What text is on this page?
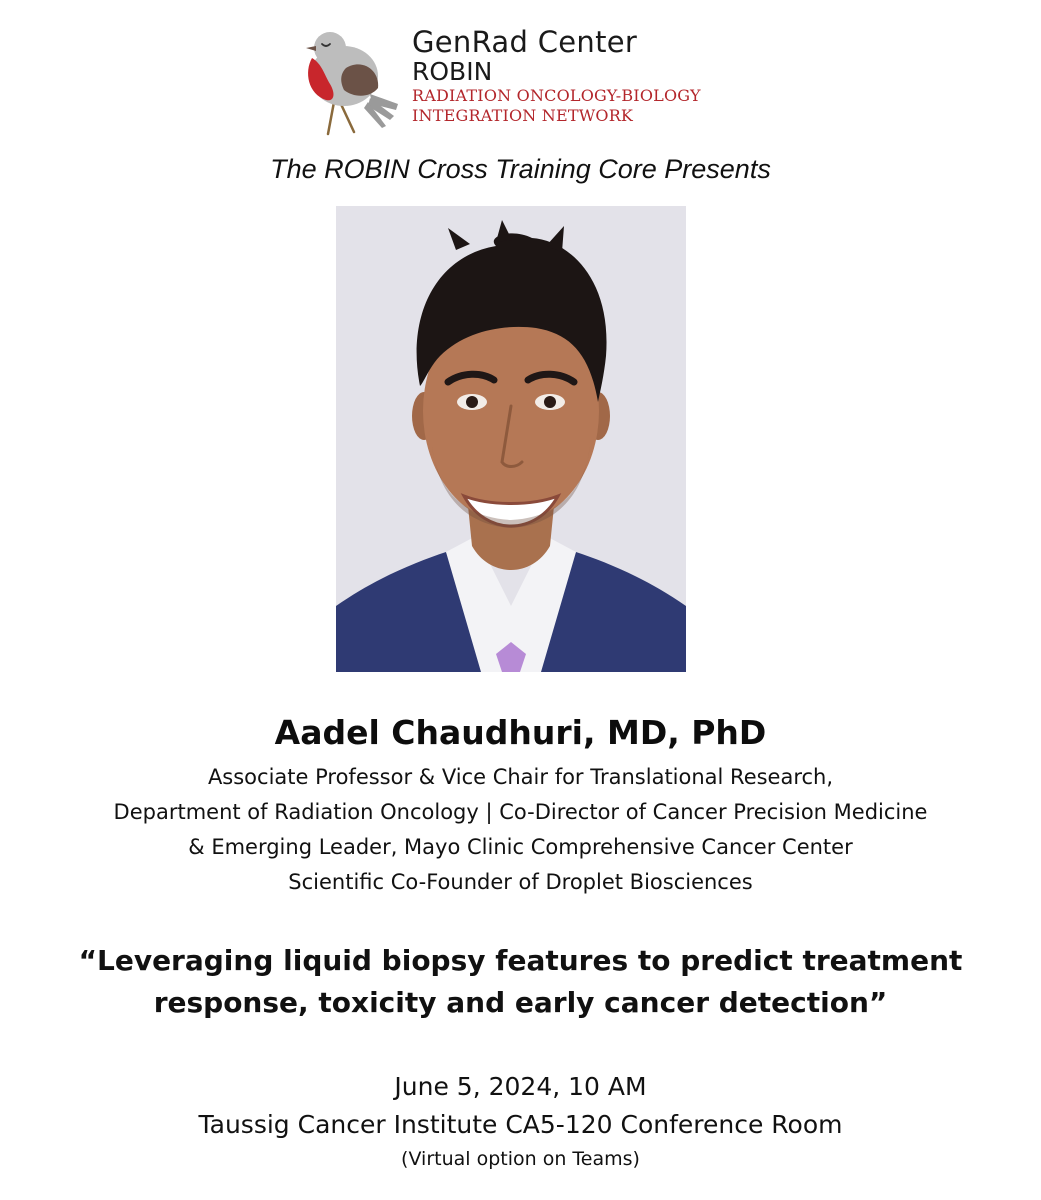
GenRad Center
ROBIN
RADIATION ONCOLOGY-BIOLOGY
INTEGRATION NETWORK
The ROBIN Cross Training Core Presents
Aadel Chaudhuri, MD, PhD
Associate Professor & Vice Chair for Translational Research,
Department of Radiation Oncology | Co-Director of Cancer Precision Medicine
& Emerging Leader, Mayo Clinic Comprehensive Cancer Center
Scientific Co-Founder of Droplet Biosciences
“Leveraging liquid biopsy features to predict treatment
response, toxicity and early cancer detection”
June 5, 2024, 10 AM
Taussig Cancer Institute CA5-120 Conference Room
(Virtual option on Teams)
